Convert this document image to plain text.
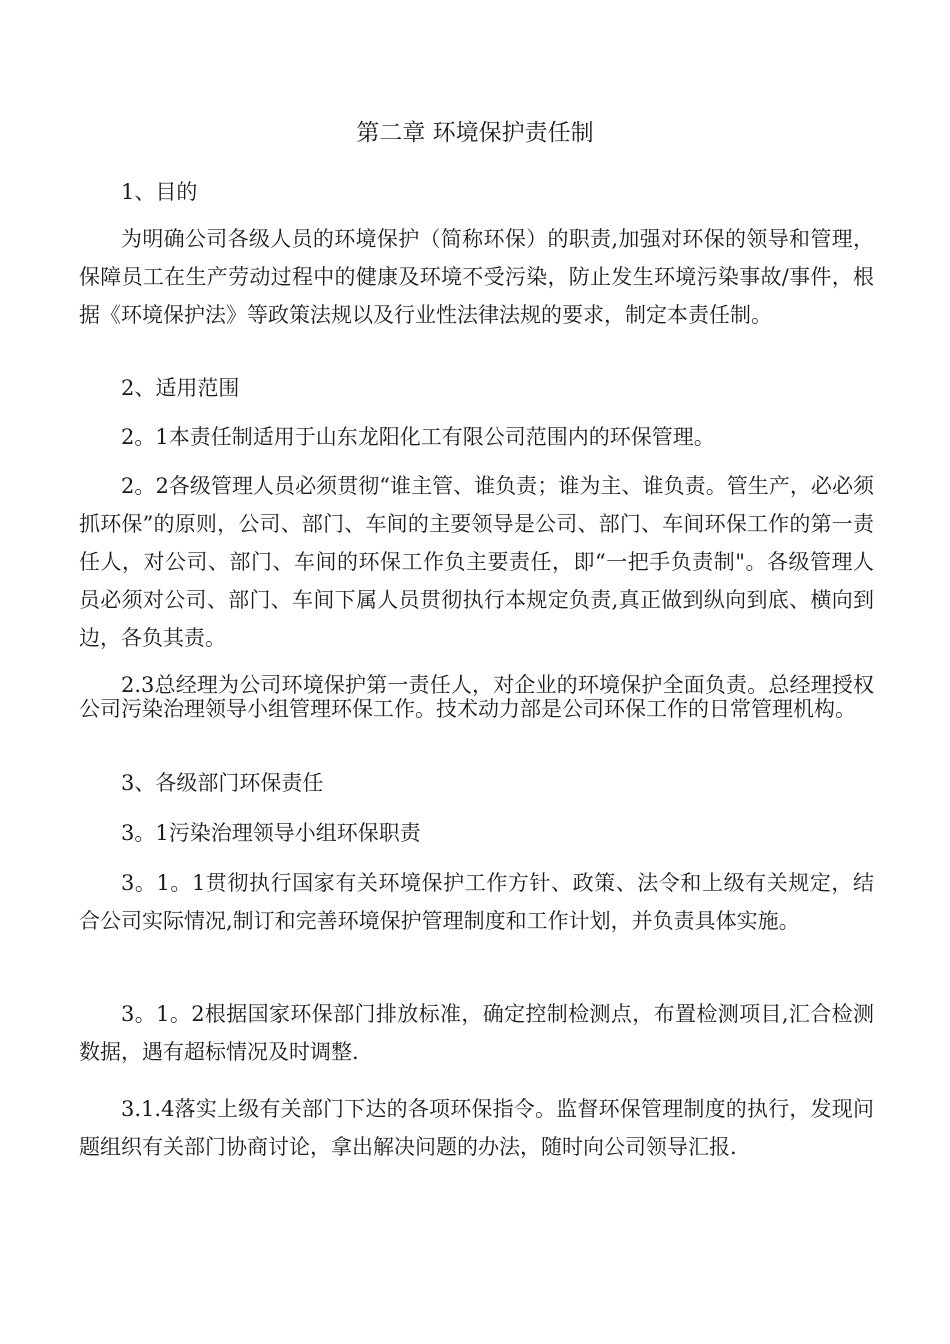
第二章 环境保护责任制

1、目的

为明确公司各级人员的环境保护（简称环保）的职责,加强对环保的领导和管理，保障员工在生产劳动过程中的健康及环境不受污染，防止发生环境污染事故/事件，根据《环境保护法》等政策法规以及行业性法律法规的要求，制定本责任制。

2、适用范围

2。1本责任制适用于山东龙阳化工有限公司范围内的环保管理。

2。2各级管理人员必须贯彻“谁主管、谁负责；谁为主、谁负责。管生产，必必须抓环保”的原则，公司、部门、车间的主要领导是公司、部门、车间环保工作的第一责任人，对公司、部门、车间的环保工作负主要责任，即“一把手负责制"。各级管理人员必须对公司、部门、车间下属人员贯彻执行本规定负责,真正做到纵向到底、横向到边，各负其责。

2.3总经理为公司环境保护第一责任人，对企业的环境保护全面负责。总经理授权公司污染治理领导小组管理环保工作。技术动力部是公司环保工作的日常管理机构。

3、各级部门环保责任

3。1污染治理领导小组环保职责

3。1。1贯彻执行国家有关环境保护工作方针、政策、法令和上级有关规定，结合公司实际情况,制订和完善环境保护管理制度和工作计划，并负责具体实施。

3。1。2根据国家环保部门排放标准，确定控制检测点，布置检测项目,汇合检测数据，遇有超标情况及时调整.

3.1.4落实上级有关部门下达的各项环保指令。监督环保管理制度的执行，发现问题组织有关部门协商讨论，拿出解决问题的办法，随时向公司领导汇报.
